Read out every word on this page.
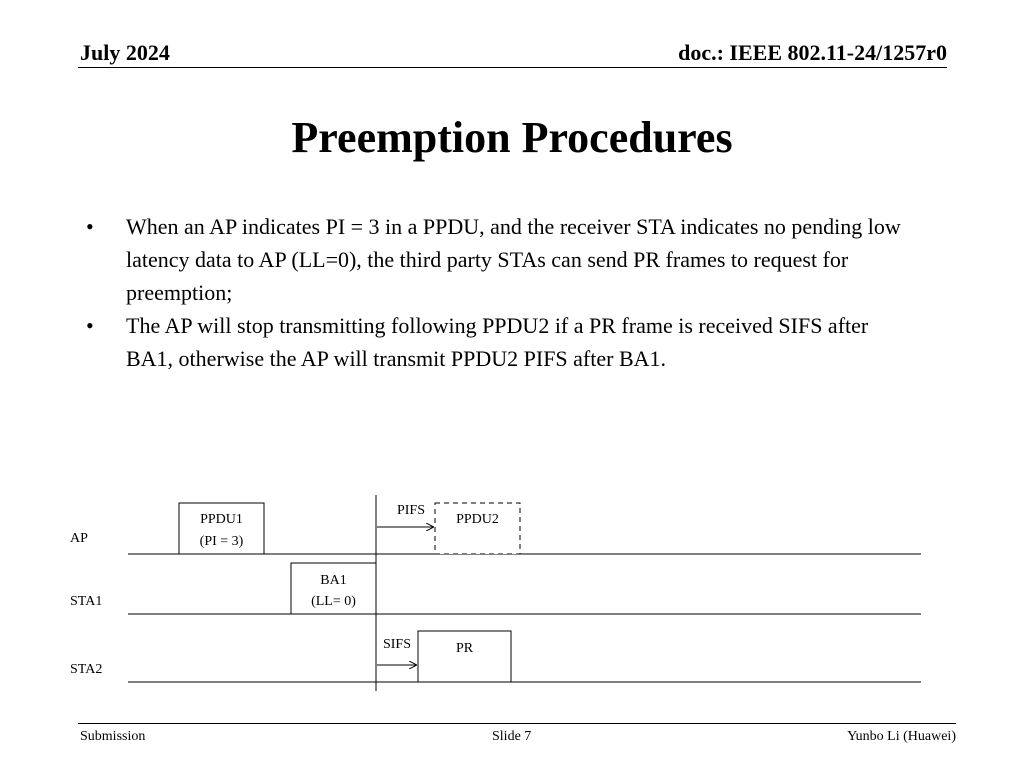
July 2024	doc.: IEEE 802.11-24/1257r0
Preemption Procedures
• When an AP indicates PI = 3 in a PPDU, and the receiver STA indicates no pending low latency data to AP (LL=0), the third party STAs can send PR frames to request for preemption;
• The AP will stop transmitting following PPDU2 if a PR frame is received SIFS after BA1, otherwise the AP will transmit PPDU2 PIFS after BA1.
AP
STA1
STA2
PPDU1
(PI = 3)
BA1
(LL= 0)
PPDU2
PR
PIFS
SIFS
Submission	Slide 7	Yunbo Li (Huawei)
